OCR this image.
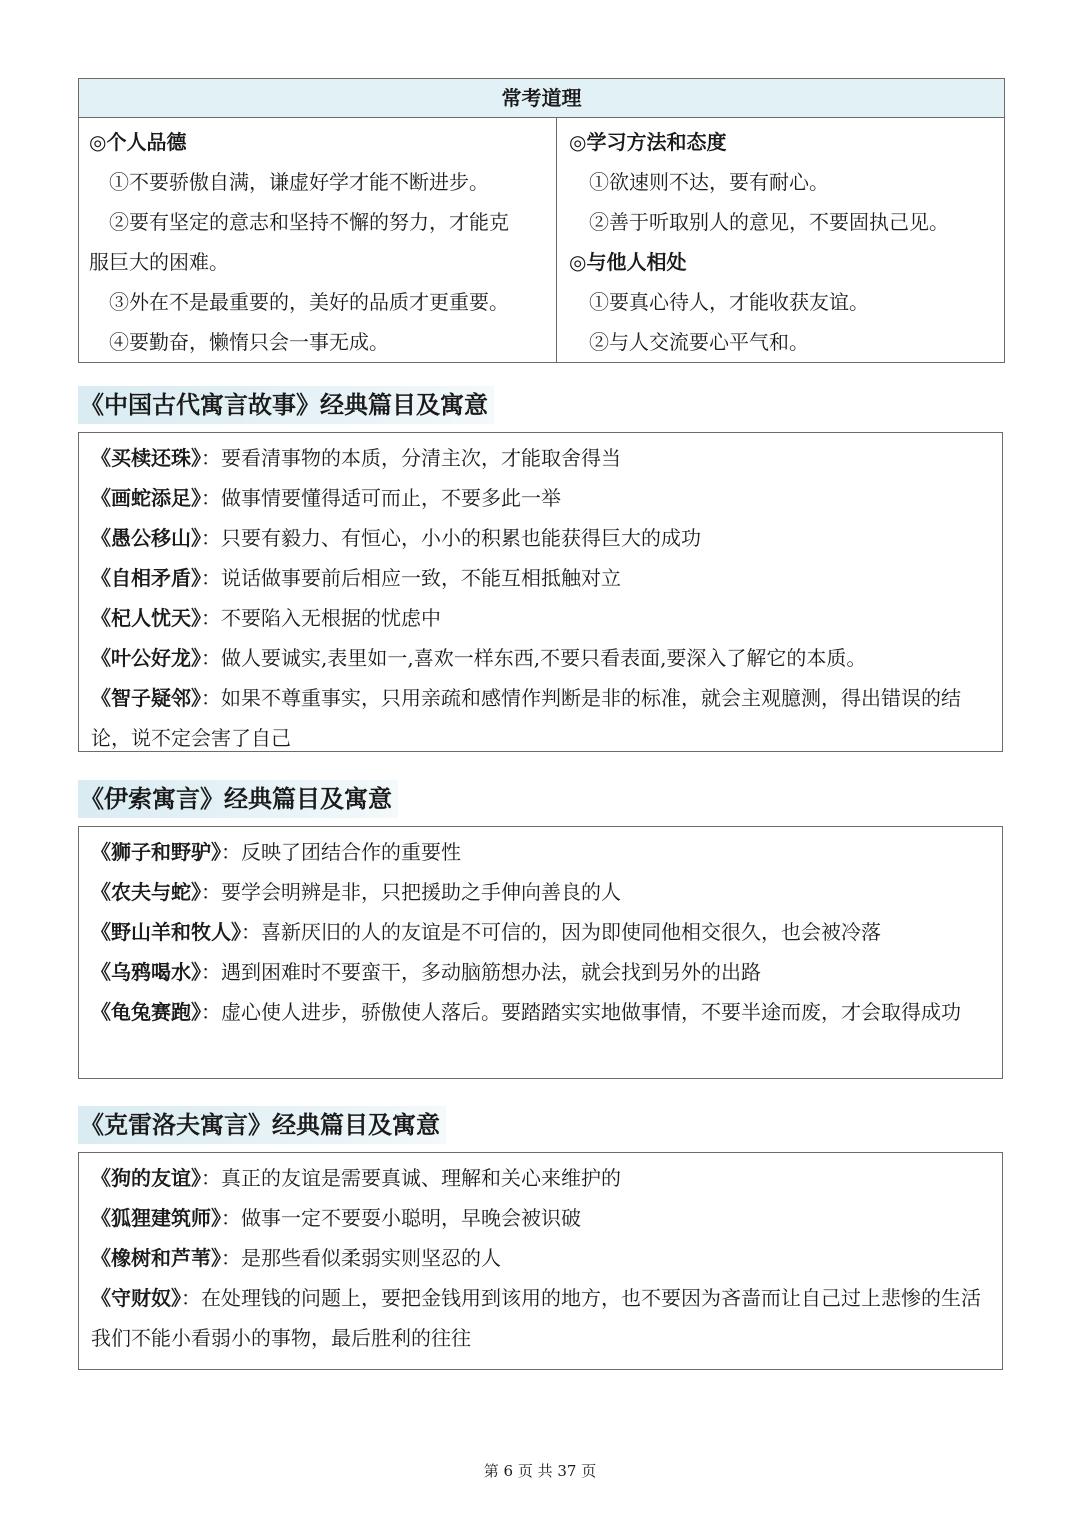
常考道理

◎个人品德

①不要骄傲自满，谦虚好学才能不断进步。

②要有坚定的意志和坚持不懈的努力，才能克

服巨大的困难。

③外在不是最重要的，美好的品质才更重要。

④要勤奋，懒惰只会一事无成。

◎学习方法和态度

①欲速则不达，要有耐心。

②善于听取别人的意见，不要固执己见。

◎与他人相处

①要真心待人，才能收获友谊。

②与人交流要心平气和。

《中国古代寓言故事》经典篇目及寓意

《买椟还珠》：要看清事物的本质，分清主次，才能取舍得当

《画蛇添足》：做事情要懂得适可而止，不要多此一举

《愚公移山》：只要有毅力、有恒心，小小的积累也能获得巨大的成功

《自相矛盾》：说话做事要前后相应一致，不能互相抵触对立

《杞人忧天》：不要陷入无根据的忧虑中

《叶公好龙》：做人要诚实,表里如一,喜欢一样东西,不要只看表面,要深入了解它的本质。

《智子疑邻》：如果不尊重事实，只用亲疏和感情作判断是非的标准，就会主观臆测，得出错误的结论，说不定会害了自己

《伊索寓言》经典篇目及寓意

《狮子和野驴》：反映了团结合作的重要性

《农夫与蛇》：要学会明辨是非，只把援助之手伸向善良的人

《野山羊和牧人》：喜新厌旧的人的友谊是不可信的，因为即使同他相交很久，也会被冷落

《乌鸦喝水》：遇到困难时不要蛮干，多动脑筋想办法，就会找到另外的出路

《龟兔赛跑》：虚心使人进步，骄傲使人落后。要踏踏实实地做事情，不要半途而废，才会取得成功

《克雷洛夫寓言》经典篇目及寓意

《狗的友谊》：真正的友谊是需要真诚、理解和关心来维护的

《狐狸建筑师》：做事一定不要耍小聪明，早晚会被识破

《橡树和芦苇》：是那些看似柔弱实则坚忍的人

《守财奴》：在处理钱的问题上，要把金钱用到该用的地方，也不要因为吝啬而让自己过上悲惨的生活我们不能小看弱小的事物，最后胜利的往往

第 6 页 共 37 页
